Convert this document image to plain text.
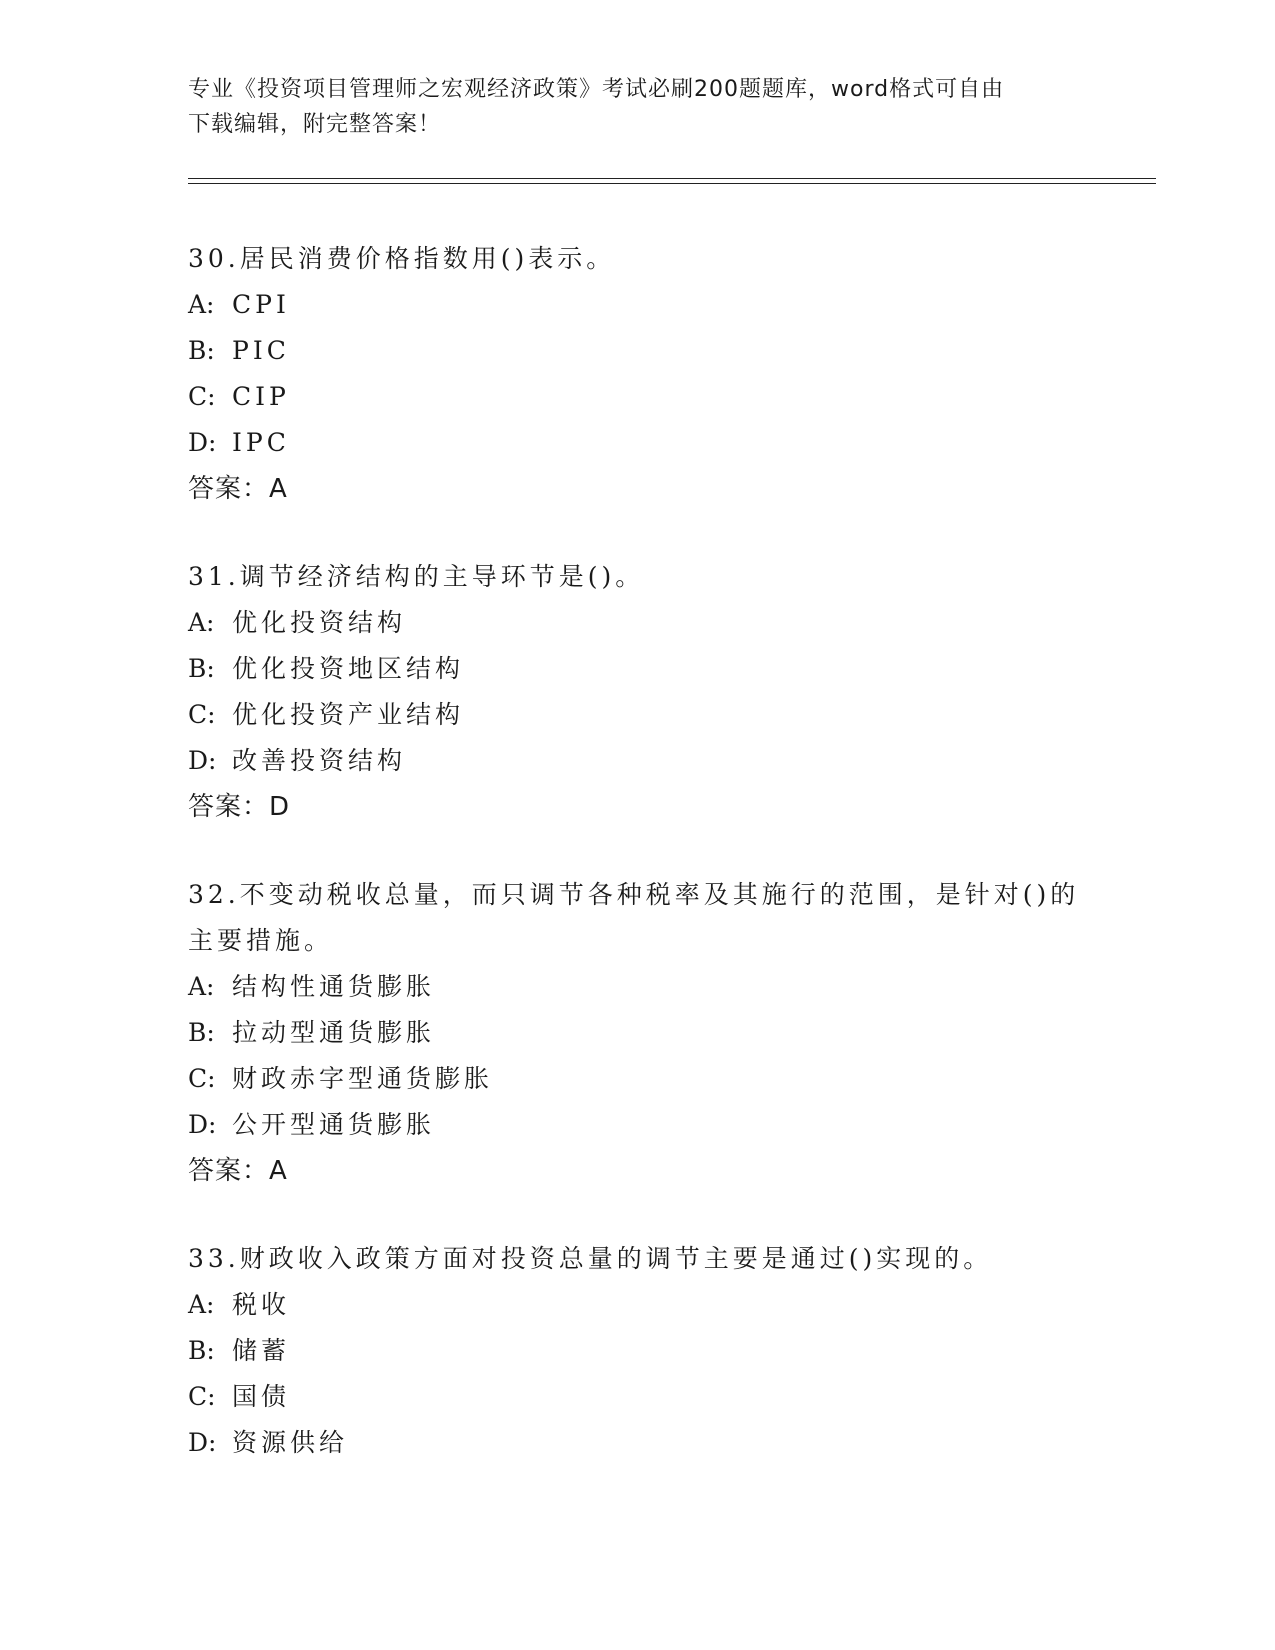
专业《投资项目管理师之宏观经济政策》考试必刷200题题库，word格式可自由
下载编辑，附完整答案！
30.居民消费价格指数用()表示。
A: CPI
B: PIC
C: CIP
D: IPC
答案：A
31.调节经济结构的主导环节是()。
A: 优化投资结构
B: 优化投资地区结构
C: 优化投资产业结构
D: 改善投资结构
答案：D
32.不变动税收总量，而只调节各种税率及其施行的范围，是针对()的主要措施。
A: 结构性通货膨胀
B: 拉动型通货膨胀
C: 财政赤字型通货膨胀
D: 公开型通货膨胀
答案：A
33.财政收入政策方面对投资总量的调节主要是通过()实现的。
A: 税收
B: 储蓄
C: 国债
D: 资源供给
